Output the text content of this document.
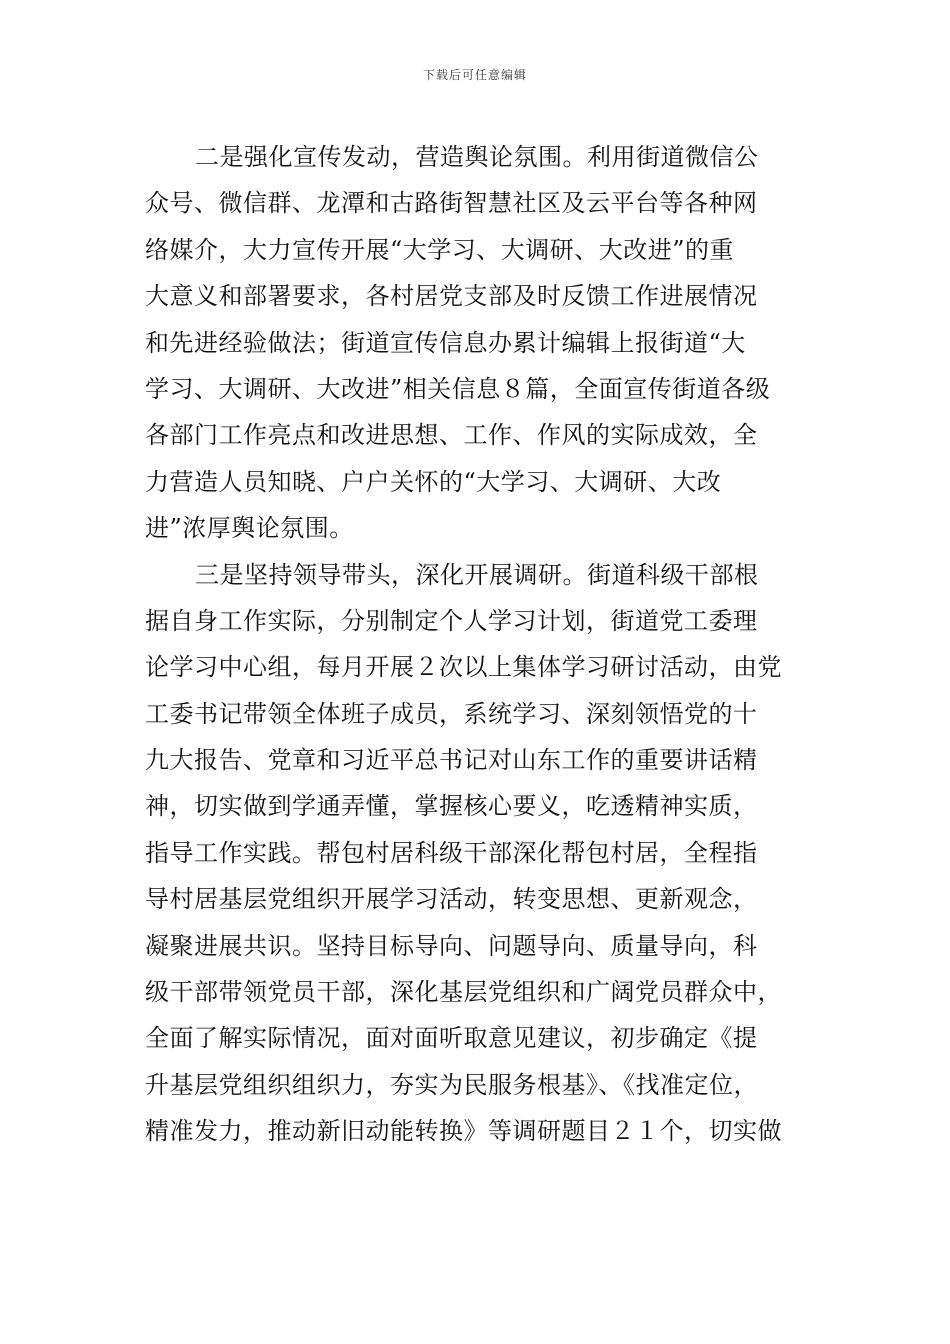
下载后可任意编辑
二是强化宣传发动，营造舆论氛围。利用街道微信公
众号、微信群、龙潭和古路街智慧社区及云平台等各种网
络媒介，大力宣传开展“大学习、大调研、大改进”的重
大意义和部署要求，各村居党支部及时反馈工作进展情况
和先进经验做法；街道宣传信息办累计编辑上报街道“大
学习、大调研、大改进”相关信息８篇，全面宣传街道各级
各部门工作亮点和改进思想、工作、作风的实际成效，全
力营造人员知晓、户户关怀的“大学习、大调研、大改
进”浓厚舆论氛围。
三是坚持领导带头，深化开展调研。街道科级干部根
据自身工作实际，分别制定个人学习计划，街道党工委理
论学习中心组，每月开展２次以上集体学习研讨活动，由党
工委书记带领全体班子成员，系统学习、深刻领悟党的十
九大报告、党章和习近平总书记对山东工作的重要讲话精
神，切实做到学通弄懂，掌握核心要义，吃透精神实质，
指导工作实践。帮包村居科级干部深化帮包村居，全程指
导村居基层党组织开展学习活动，转变思想、更新观念，
凝聚进展共识。坚持目标导向、问题导向、质量导向，科
级干部带领党员干部，深化基层党组织和广阔党员群众中，
全面了解实际情况，面对面听取意见建议，初步确定《提
升基层党组织组织力，夯实为民服务根基》、《找准定位，
精准发力，推动新旧动能转换》等调研题目２１个，切实做
